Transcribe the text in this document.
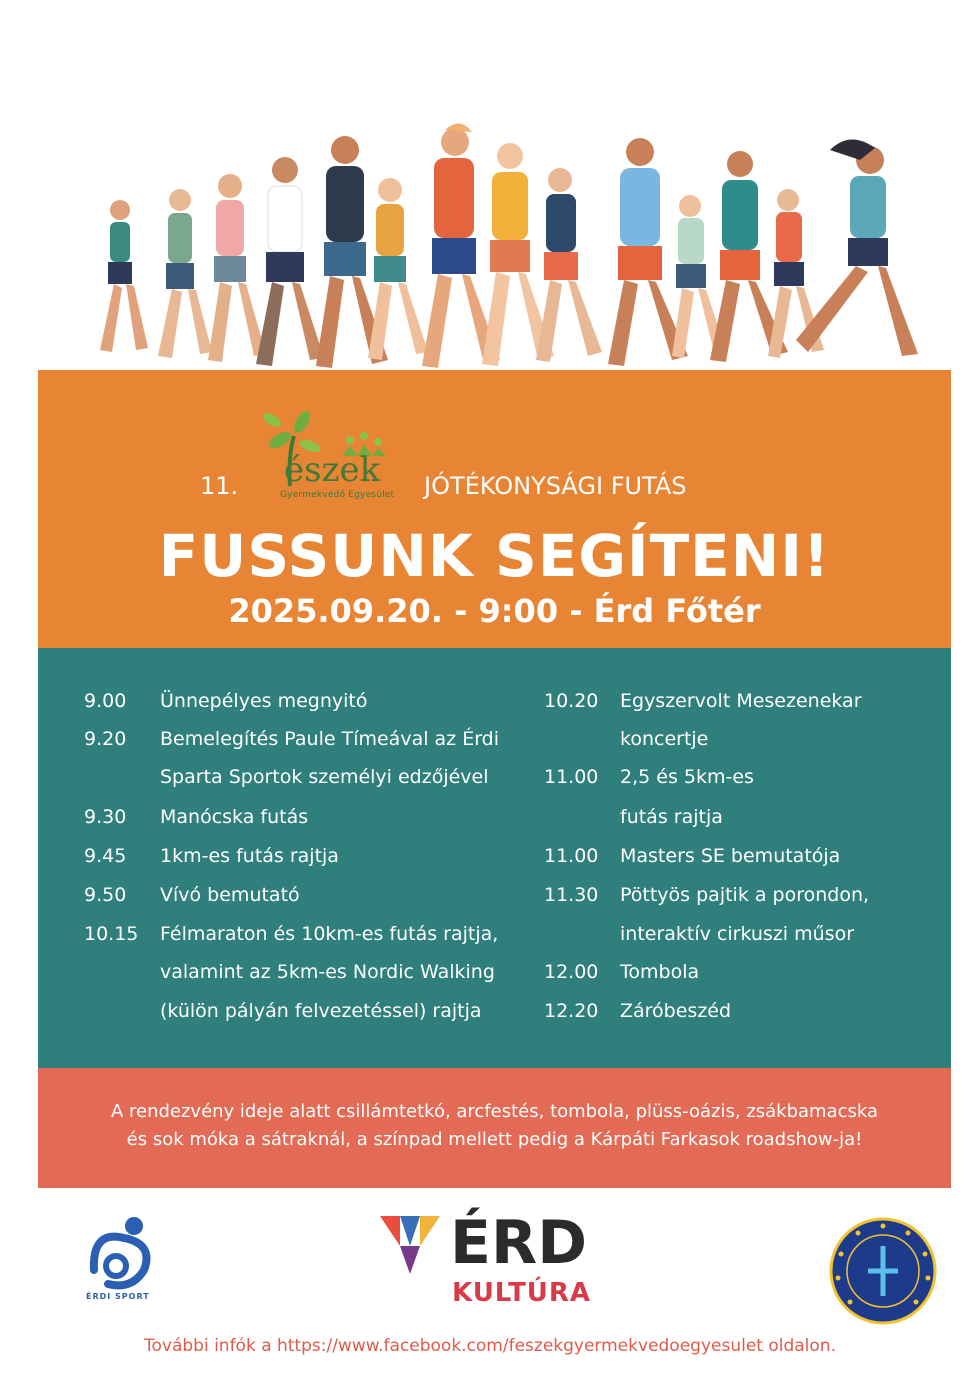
észek
Gyermekvédő Egyesület
11.	JÓTÉKONYSÁGI FUTÁS
FUSSUNK SEGÍTENI!
2025.09.20. - 9:00 - Érd Főtér
9.00 Ünnepélyes megnyitó
9.20 Bemelegítés Paule Tímeával az Érdi
Sparta Sportok személyi edzőjével
9.30 Manócska futás
9.45 1km-es futás rajtja
9.50 Vívó bemutató
10.15 Félmaraton és 10km-es futás rajtja,
valamint az 5km-es Nordic Walking
(külön pályán felvezetéssel) rajtja
10.20 Egyszervolt Mesezenekar
koncertje
11.00 2,5 és 5km-es
futás rajtja
11.00 Masters SE bemutatója
11.30 Pöttyös pajtik a porondon,
interaktív cirkuszi műsor
12.00 Tombola
12.20 Záróbeszéd
A rendezvény ideje alatt csillámtetkó, arcfestés, tombola, plüss-oázis, zsákbamacska
és sok móka a sátraknál, a színpad mellett pedig a Kárpáti Farkasok roadshow-ja!
ÉRDI SPORT
ÉRD
KULTÚRA
További infók a https://www.facebook.com/feszekgyermekvedoegyesulet oldalon.
